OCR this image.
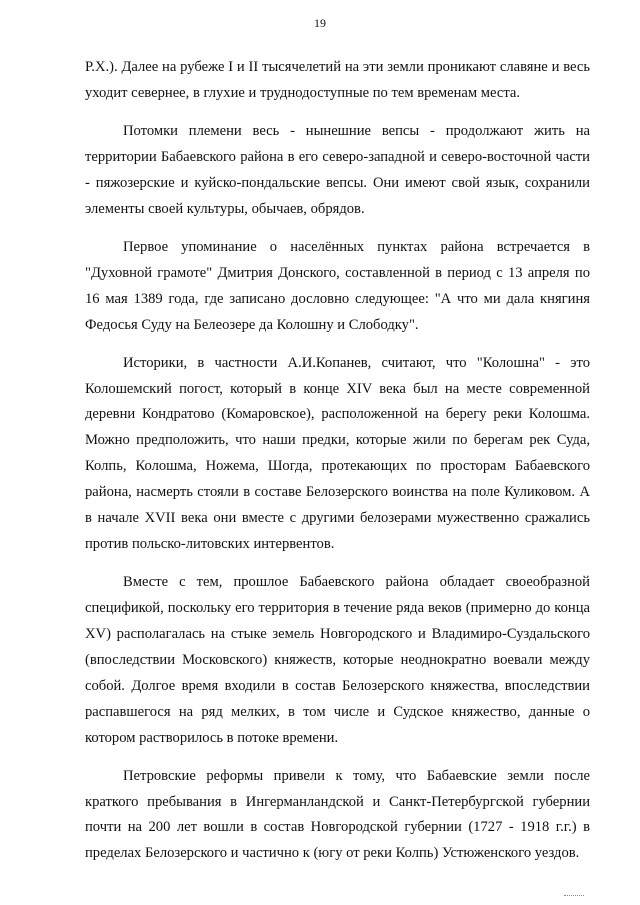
19

Р.Х.). Далее на рубеже I и II тысячелетий на эти земли проникают славяне и весь уходит севернее, в глухие и труднодоступные по тем временам места.

Потомки племени весь - нынешние вепсы - продолжают жить на территории Бабаевского района в его северо-западной и северо-восточной части - пяжозерские и куйско-пондальские вепсы. Они имеют свой язык, сохранили элементы своей культуры, обычаев, обрядов.

Первое упоминание о населённых пунктах района встречается в "Духовной грамоте" Дмитрия Донского, составленной в период с 13 апреля по 16 мая 1389 года, где записано дословно следующее: "А что ми дала княгиня Федосья Суду на Белеозере да Колошну и Слободку".

Историки, в частности А.И.Копанев, считают, что "Колошна" - это Колошемский погост, который в конце XIV века был на месте современной деревни Кондратово (Комаровское), расположенной на берегу реки Колошма. Можно предположить, что наши предки, которые жили по берегам рек Суда, Колпь, Колошма, Ножема, Шогда, протекающих по просторам Бабаевского района, насмерть стояли в составе Белозерского воинства на поле Куликовом. А в начале XVII века они вместе с другими белозерами мужественно сражались против польско-литовских интервентов.

Вместе с тем, прошлое Бабаевского района обладает своеобразной спецификой, поскольку его территория в течение ряда веков (примерно до конца XV) располагалась на стыке земель Новгородского и Владимиро-Суздальского (впоследствии Московского) княжеств, которые неоднократно воевали между собой. Долгое время входили в состав Белозерского княжества, впоследствии распавшегося на ряд мелких, в том числе и Судское княжество, данные о котором растворилось в потоке времени.

Петровские реформы привели к тому, что Бабаевские земли после краткого пребывания в Ингерманландской и Санкт-Петербургской губернии почти на 200 лет вошли в состав Новгородской губернии (1727 - 1918 г.г.) в пределах Белозерского и частично к (югу от реки Колпь) Устюженского уездов.
